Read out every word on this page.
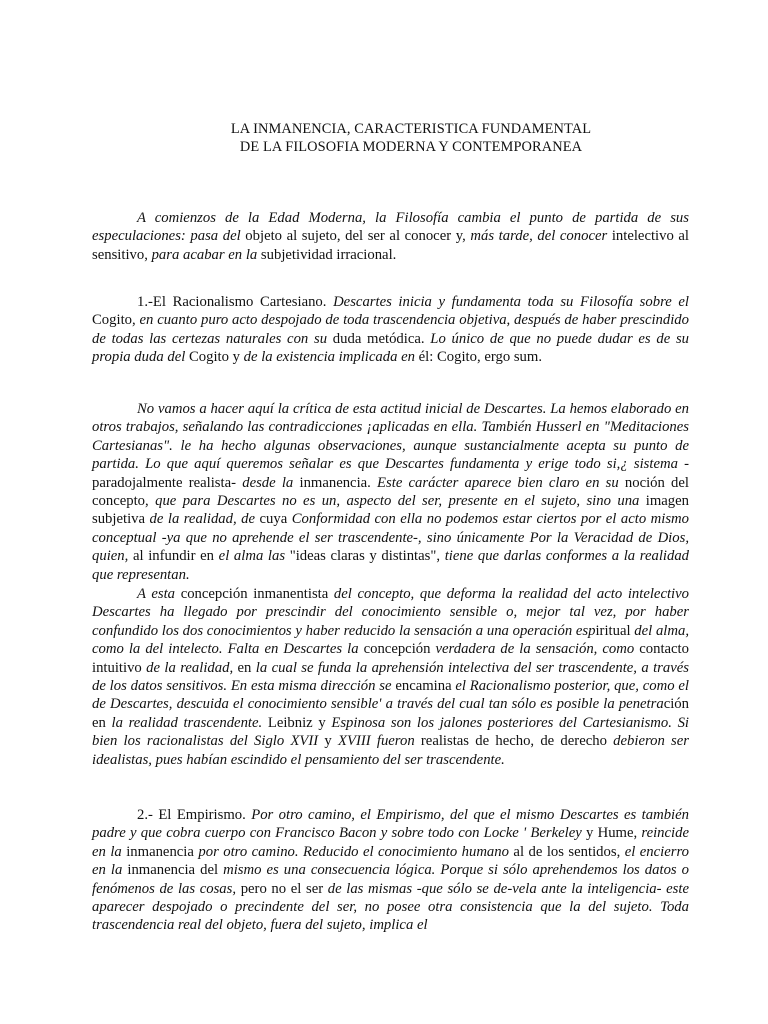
LA INMANENCIA, CARACTERISTICA FUNDAMENTAL
DE LA FILOSOFIA MODERNA Y CONTEMPORANEA

A comienzos de la Edad Moderna, la Filosofía cambia el punto de partida de sus especulaciones: pasa del objeto al sujeto, del ser al conocer y, más tarde, del conocer intelectivo al sensitivo, para acabar en la subjetividad irracional.

1.-El Racionalismo Cartesiano. Descartes inicia y fundamenta toda su Filosofía sobre el Cogito, en cuanto puro acto despojado de toda trascendencia objetiva, después de haber prescindido de todas las certezas naturales con su duda metódica. Lo único de que no puede dudar es de su propia duda del Cogito y de la existencia implicada en él: Cogito, ergo sum.

No vamos a hacer aquí la crítica de esta actitud inicial de Descartes. La hemos elaborado en otros trabajos, señalando las contradicciones ¡aplicadas en ella. También Husserl en "Meditaciones Cartesianas". le ha hecho algunas observaciones, aunque sustancialmente acepta su punto de partida. Lo que aquí queremos señalar es que Descartes fundamenta y erige todo si,¿ sistema -paradojalmente realista- desde la inmanencia. Este carácter aparece bien claro en su noción del concepto, que para Descartes no es un, aspecto del ser, presente en el sujeto, sino una imagen subjetiva de la realidad, de cuya Conformidad con ella no podemos estar ciertos por el acto mismo conceptual -ya que no aprehende el ser trascendente-, sino únicamente Por la Veracidad de Dios, quien, al infundir en el alma las "ideas claras y distintas", tiene que darlas conformes a la realidad que representan.

A esta concepción inmanentista del concepto, que deforma la realidad del acto intelectivo Descartes ha llegado por prescindir del conocimiento sensible o, mejor tal vez, por haber confundido los dos conocimientos y haber reducido la sensación a una operación espiritual del alma, como la del intelecto. Falta en Descartes la concepción verdadera de la sensación, como contacto intuitivo de la realidad, en la cual se funda la aprehensión intelectiva del ser trascendente, a través de los datos sensitivos. En esta misma dirección se encamina el Racionalismo posterior, que, como el de Descartes, descuida el conocimiento sensible' a través del cual tan sólo es posible la penetración en la realidad trascendente. Leibniz y Espinosa son los jalones posteriores del Cartesianismo. Si bien los racionalistas del Siglo XVII y XVIII fueron realistas de hecho, de derecho debieron ser idealistas, pues habían escindido el pensamiento del ser trascendente.

2.- El Empirismo. Por otro camino, el Empirismo, del que el mismo Descartes es también padre y que cobra cuerpo con Francisco Bacon y sobre todo con Locke ' Berkeley y Hume, reincide en la inmanencia por otro camino. Reducido el conocimiento humano al de los sentidos, el encierro en la inmanencia del mismo es una consecuencia lógica. Porque si sólo aprehendemos los datos o fenómenos de las cosas, pero no el ser de las mismas -que sólo se de-vela ante la inteligencia- este aparecer despojado o precindente del ser, no posee otra consistencia que la del sujeto. Toda trascendencia real del objeto, fuera del sujeto, implica el
